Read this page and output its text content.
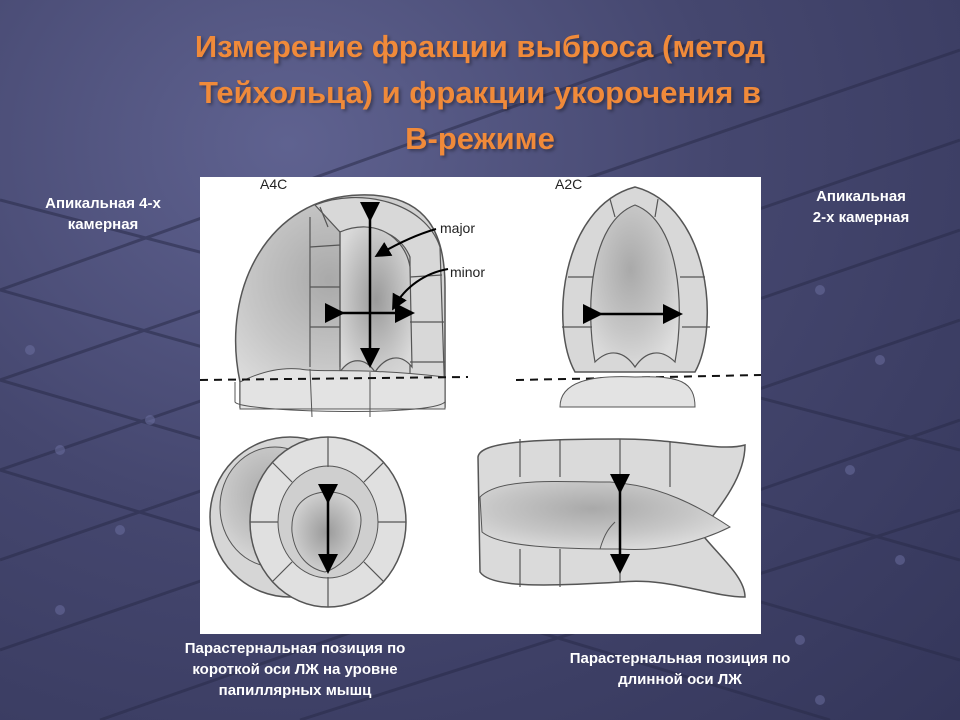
Измерение фракции выброса (метод
Тейхольца) и фракции укорочения в
B-режиме
Апикальная 4-х
камерная
Апикальная
2-х камерная
A4C
major
minor
A2C
Парастернальная позиция по
короткой оси ЛЖ на уровне
папиллярных мышц
Парастернальная позиция по
длинной оси ЛЖ
